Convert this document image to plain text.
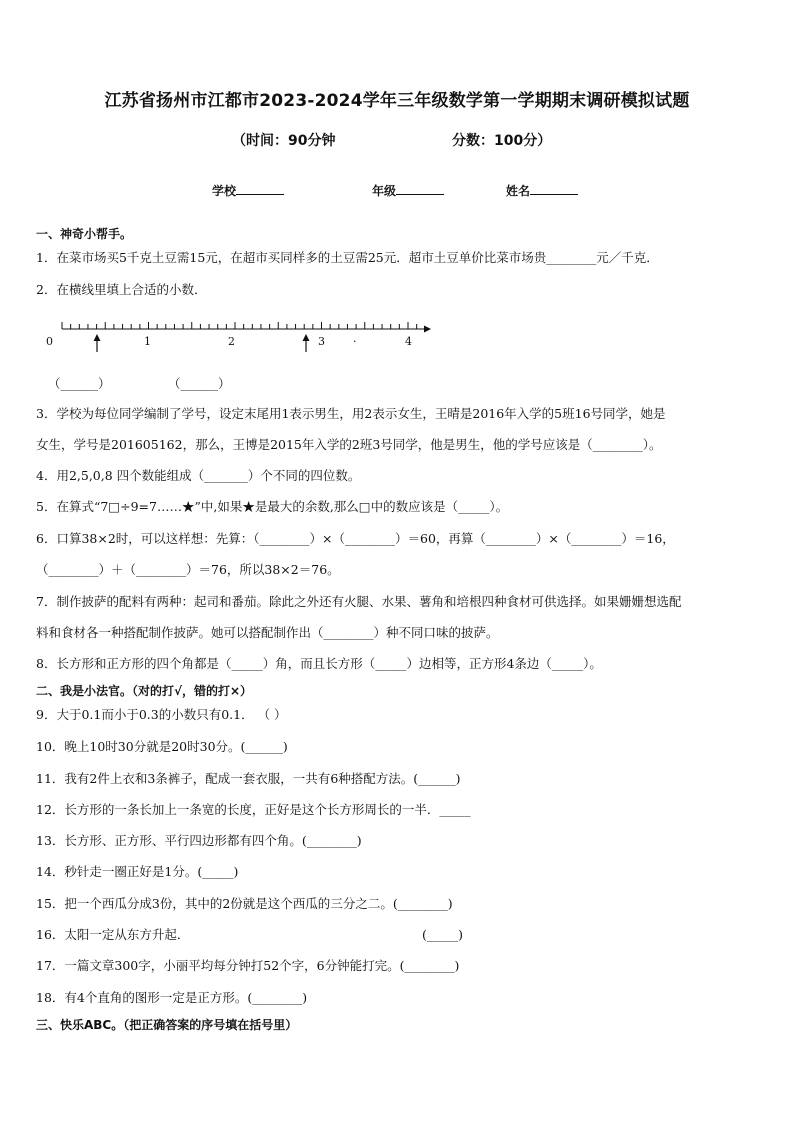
江苏省扬州市江都市2023-2024学年三年级数学第一学期期末调研模拟试题
（时间：90分钟	分数：100分）
学校	年级	姓名
一、神奇小帮手。
1．在菜市场买5千克土豆需15元，在超市买同样多的土豆需25元．超市土豆单价比菜市场贵________元／千克．
2．在横线里填上合适的小数．
0	1	2	3	·	4
（______）	（______）
3．学校为每位同学编制了学号，设定末尾用1表示男生，用2表示女生，王晴是2016年入学的5班16号同学，她是
女生，学号是201605162，那么，王博是2015年入学的2班3号同学，他是男生，他的学号应该是（________）。
4．用2,5,0,8 四个数能组成（_______）个不同的四位数。
5．在算式“7□÷9=7……★”中,如果★是最大的余数,那么□中的数应该是（_____）。
6．口算38×2时，可以这样想：先算：（________）×（________）＝60，再算（________）×（________）＝16，
（________）＋（________）＝76，所以38×2＝76。
7．制作披萨的配料有两种：起司和番茄。除此之外还有火腿、水果、薯角和培根四种食材可供选择。如果姗姗想选配
料和食材各一种搭配制作披萨。她可以搭配制作出（________）种不同口味的披萨。
8．长方形和正方形的四个角都是（_____）角，而且长方形（_____）边相等，正方形4条边（_____）。
二、我是小法官。（对的打√，错的打×）
9．大于0.1而小于0.3的小数只有0.1． （ ）
10．晚上10时30分就是20时30分。(______)
11．我有2件上衣和3条裤子，配成一套衣服，一共有6种搭配方法。(______)
12．长方形的一条长加上一条宽的长度，正好是这个长方形周长的一半．_____
13．长方形、正方形、平行四边形都有四个角。(________)
14．秒针走一圈正好是1分。(_____)
15．把一个西瓜分成3份，其中的2份就是这个西瓜的三分之二。(________)
16．太阳一定从东方升起．	(_____)
17．一篇文章300字，小丽平均每分钟打52个字，6分钟能打完。(________)
18．有4个直角的图形一定是正方形。(________)
三、快乐ABC。（把正确答案的序号填在括号里）
